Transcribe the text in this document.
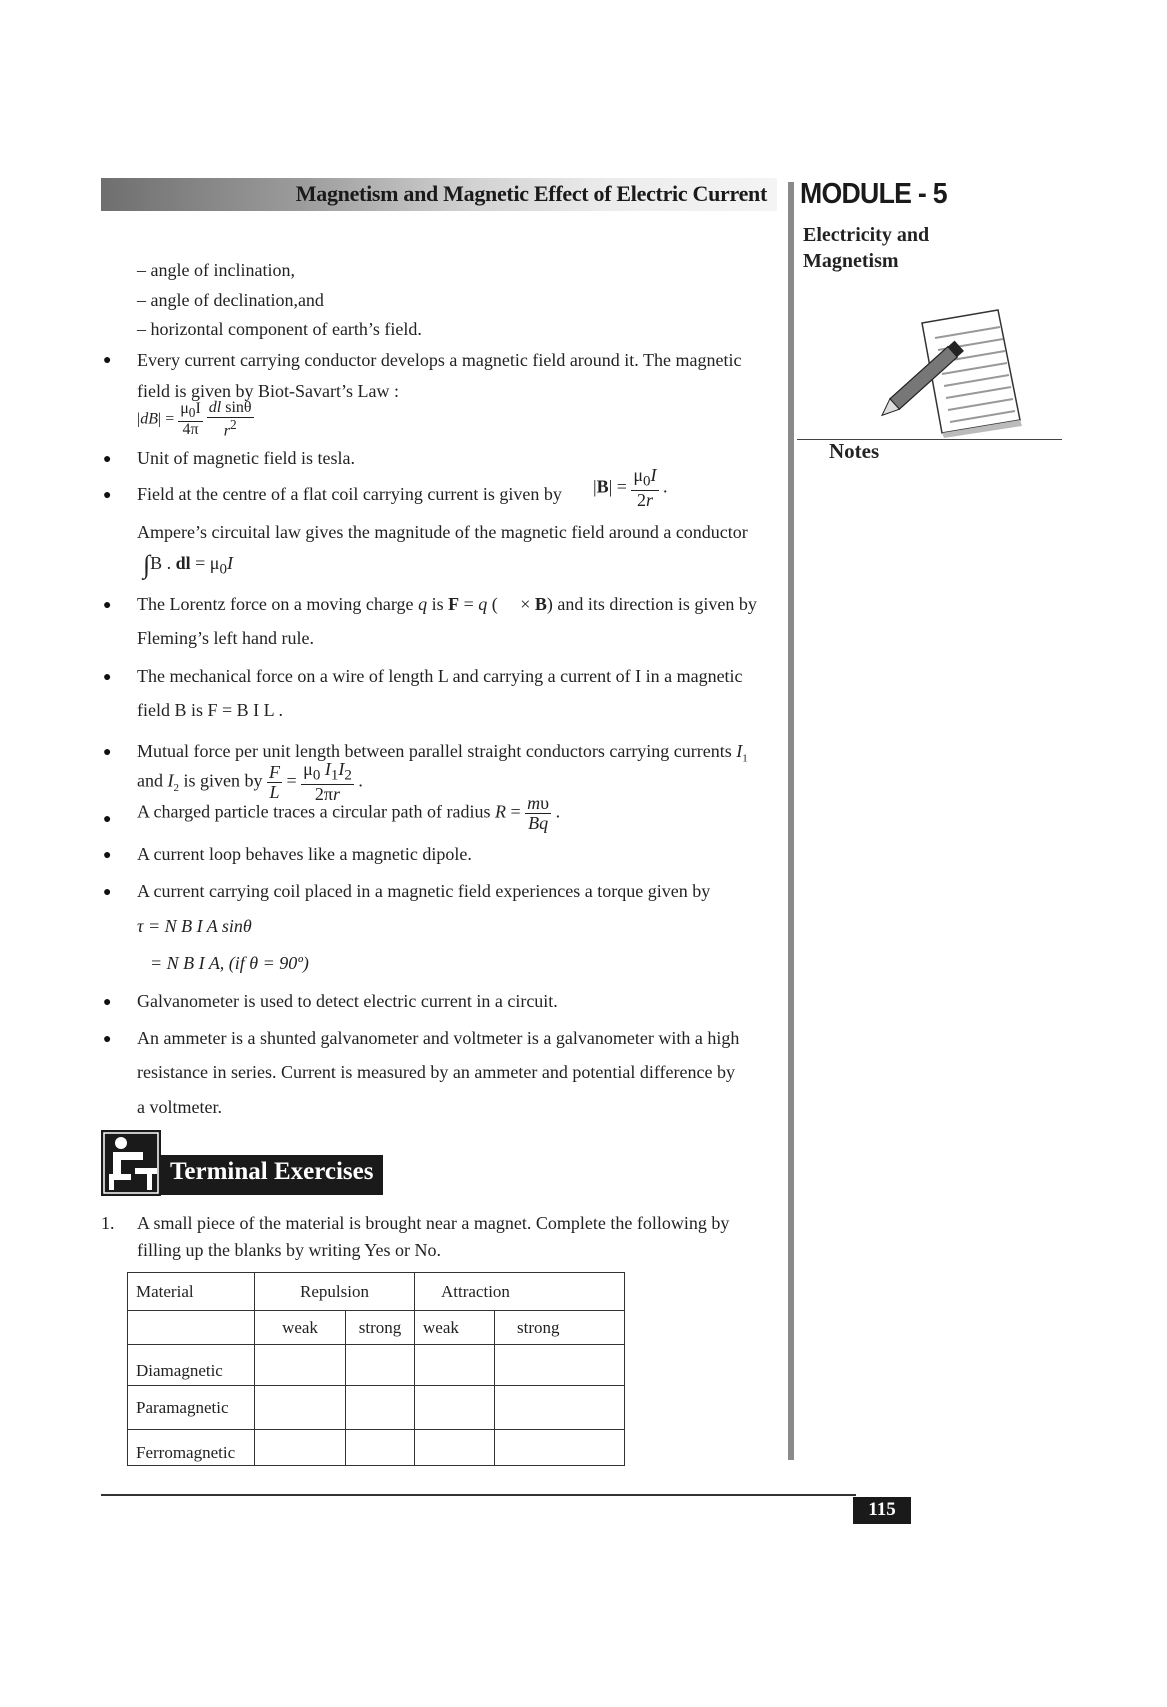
Magnetism and Magnetic Effect of Electric Current MODULE - 5
Electricity and
Magnetism
Notes
– angle of inclination,
– angle of declination,and
– horizontal component of earth’s field.
● Every current carrying conductor develops a magnetic field around it. The magnetic
field is given by Biot-Savart’s Law :
$|dB| = \frac{\mu_0I}{4\pi}$
$\frac{\text{dl sinθ}}{r^2}$
● Unit of magnetic field is tesla.
● Field at the centre of a flat coil carrying current is given by $|B| = \frac{\mu_0I}{2r}$ .
Ampere’s circuital law gives the magnitude of the magnetic field around a conductor
∫B . dl = $\mu_0I$
● The Lorentz force on a moving charge q is F = q (     × B) and its direction is given by
Fleming’s left hand rule.
● The mechanical force on a wire of length L and carrying a current of I in a magnetic
field B is F = B I L .
● Mutual force per unit length between parallel straight conductors carrying currents $I_1$
and $I_2$ is given by $\frac{F}{L} = \frac{\mu_0 I_1I_2}{2\pi r}$ .
● A charged particle traces a circular path of radius $R = \frac{m\upsilon}{Bq}$ .
● A current loop behaves like a magnetic dipole.
● A current carrying coil placed in a magnetic field experiences a torque given by
τ = N B I A sinθ
= N B I A, (if θ = 90º)
● Galvanometer is used to detect electric current in a circuit.
● An ammeter is a shunted galvanometer and voltmeter is a galvanometer with a high
resistance in series. Current is measured by an ammeter and potential difference by
a voltmeter.
Terminal Exercises
1. A small piece of the material is brought near a magnet. Complete the following by
filling up the blanks by writing Yes or No.
Material	Repulsion		Attraction	
	weak	strong	weak	strong
Diamagnetic				
Paramagnetic				
Ferromagnetic				
115
